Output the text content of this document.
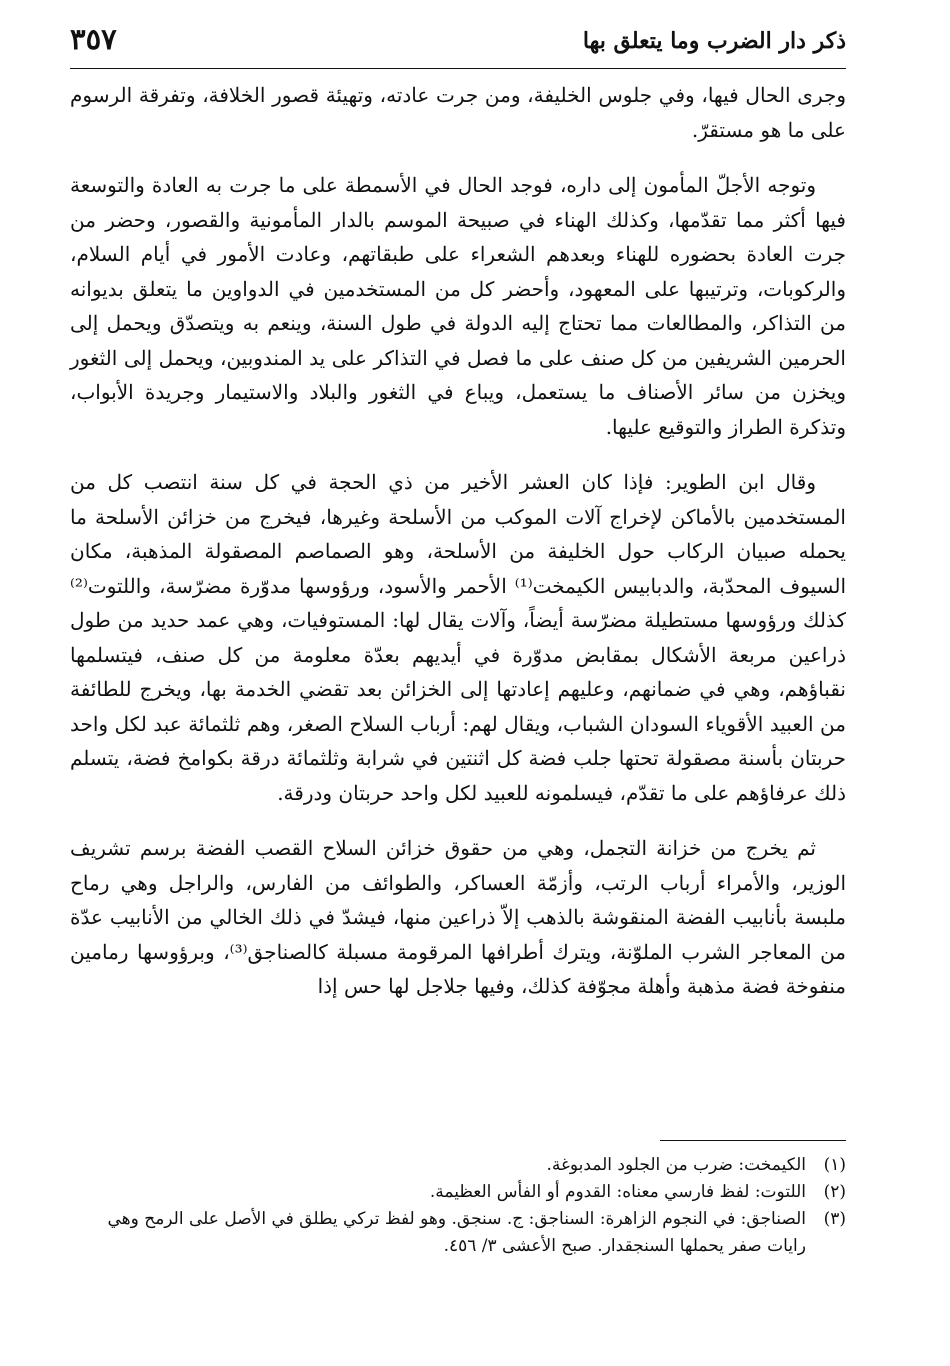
ذكر دار الضرب وما يتعلق بها
٣٥٧

وجرى الحال فيها، وفي جلوس الخليفة، ومن جرت عادته، وتهيئة قصور الخلافة، وتفرقة الرسوم على ما هو مستقرّ.

وتوجه الأجلّ المأمون إلى داره، فوجد الحال في الأسمطة على ما جرت به العادة والتوسعة فيها أكثر مما تقدّمها، وكذلك الهناء في صبيحة الموسم بالدار المأمونية والقصور، وحضر من جرت العادة بحضوره للهناء وبعدهم الشعراء على طبقاتهم، وعادت الأمور في أيام السلام، والركوبات، وترتيبها على المعهود، وأحضر كل من المستخدمين في الدواوين ما يتعلق بديوانه من التذاكر، والمطالعات مما تحتاج إليه الدولة في طول السنة، وينعم به ويتصدّق ويحمل إلى الحرمين الشريفين من كل صنف على ما فصل في التذاكر على يد المندوبين، ويحمل إلى الثغور ويخزن من سائر الأصناف ما يستعمل، ويباع في الثغور والبلاد والاستيمار وجريدة الأبواب، وتذكرة الطراز والتوقيع عليها.

وقال ابن الطوير: فإذا كان العشر الأخير من ذي الحجة في كل سنة انتصب كل من المستخدمين بالأماكن لإخراج آلات الموكب من الأسلحة وغيرها، فيخرج من خزائن الأسلحة ما يحمله صبيان الركاب حول الخليفة من الأسلحة، وهو الصماصم المصقولة المذهبة، مكان السيوف المحدّبة، والدبابيس الكيمخت⁽¹⁾ الأحمر والأسود، ورؤوسها مدوّرة مضرّسة، واللتوت⁽²⁾ كذلك ورؤوسها مستطيلة مضرّسة أيضاً، وآلات يقال لها: المستوفيات، وهي عمد حديد من طول ذراعين مربعة الأشكال بمقابض مدوّرة في أيديهم بعدّة معلومة من كل صنف، فيتسلمها نقباؤهم، وهي في ضمانهم، وعليهم إعادتها إلى الخزائن بعد تقضي الخدمة بها، ويخرج للطائفة من العبيد الأقوياء السودان الشباب، ويقال لهم: أرباب السلاح الصغر، وهم ثلثمائة عبد لكل واحد حربتان بأسنة مصقولة تحتها جلب فضة كل اثنتين في شرابة وثلثمائة درقة بكوامخ فضة، يتسلم ذلك عرفاؤهم على ما تقدّم، فيسلمونه للعبيد لكل واحد حربتان ودرقة.

ثم يخرج من خزانة التجمل، وهي من حقوق خزائن السلاح القصب الفضة برسم تشريف الوزير، والأمراء أرباب الرتب، وأزمّة العساكر، والطوائف من الفارس، والراجل وهي رماح ملبسة بأنابيب الفضة المنقوشة بالذهب إلاّ ذراعين منها، فيشدّ في ذلك الخالي من الأنابيب عدّة من المعاجر الشرب الملوّنة، ويترك أطرافها المرقومة مسبلة كالصناجق⁽³⁾، وبرؤوسها رمامين منفوخة فضة مذهبة وأهلة مجوّفة كذلك، وفيها جلاجل لها حس إذا

(١)
الكيمخت: ضرب من الجلود المدبوغة.
(٢)
اللتوت: لفظ فارسي معناه: القدوم أو الفأس العظيمة.
(٣)
الصناجق: في النجوم الزاهرة: السناجق: ج. سنجق. وهو لفظ تركي يطلق في الأصل على الرمح وهي رايات صفر يحملها السنجقدار. صبح الأعشى ٣/ ٤٥٦.
